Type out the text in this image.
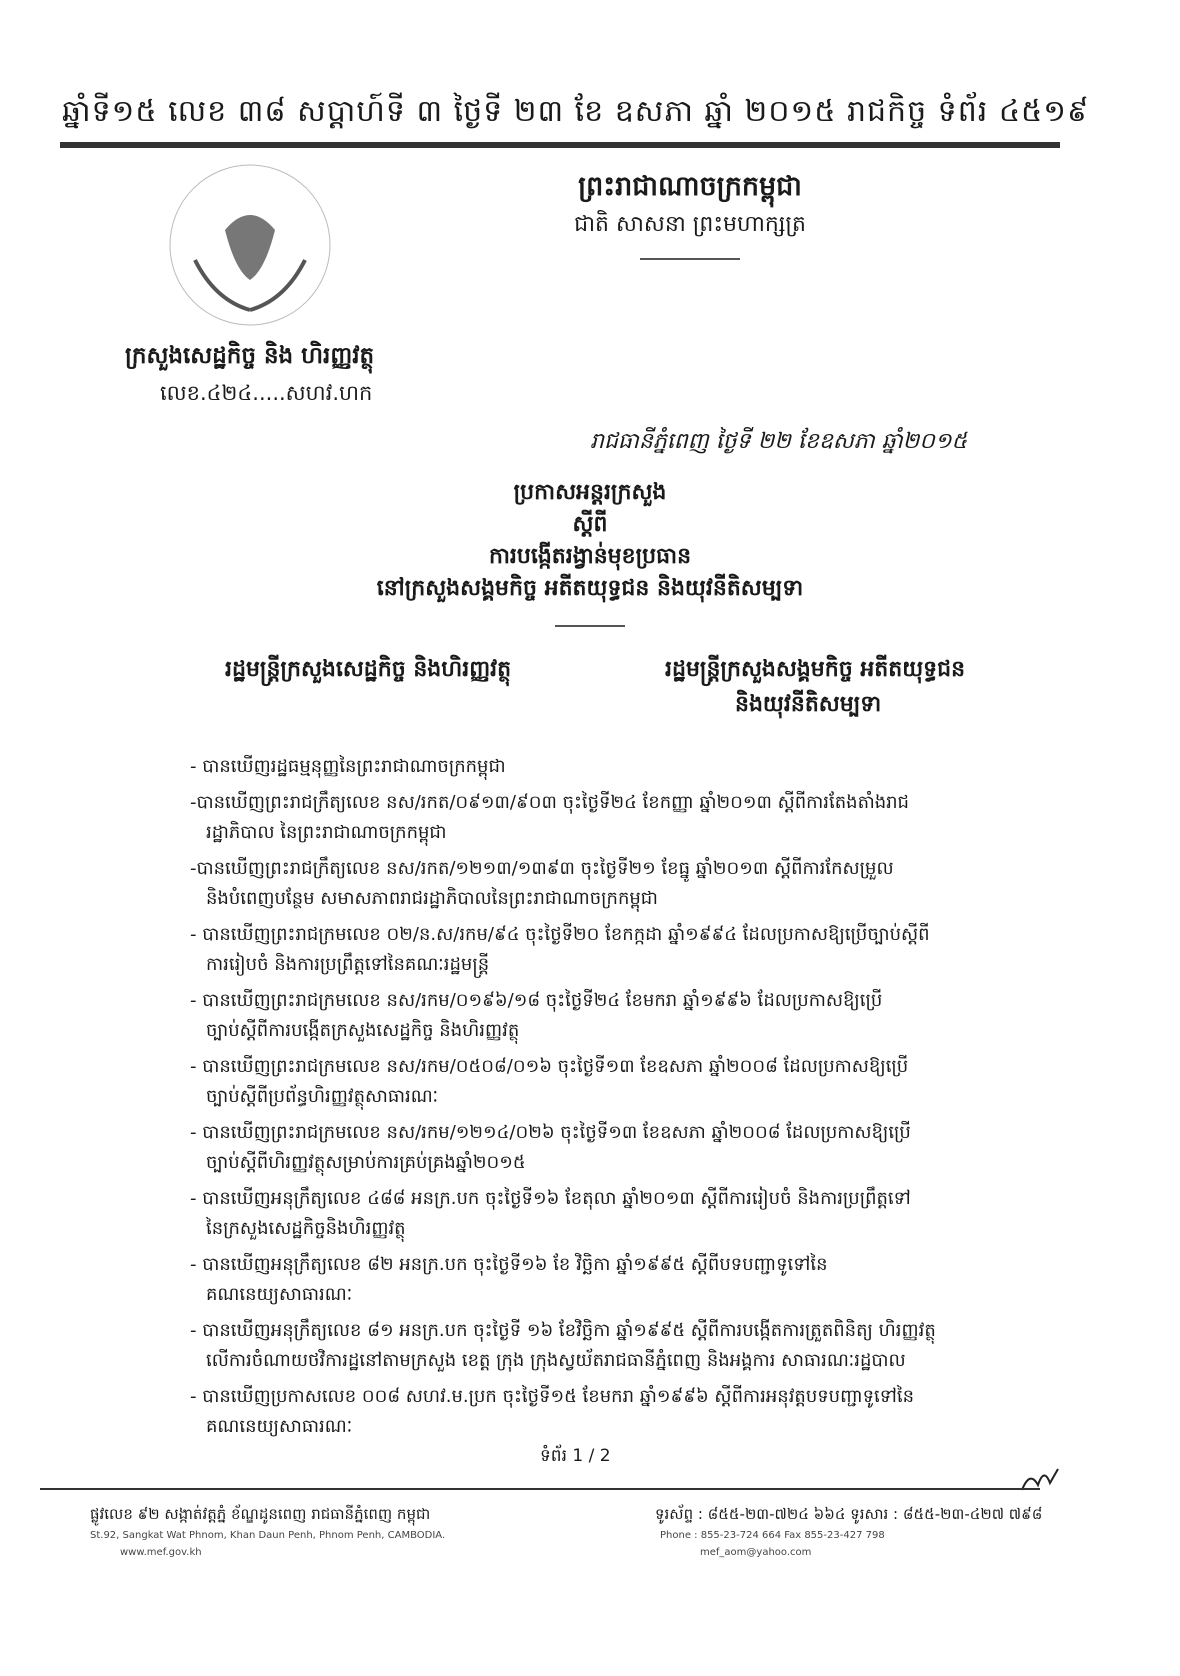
ឆ្នាំទី១៥ លេខ ៣៨ សប្តាហ៍ទី ៣ ថ្ងៃទី ២៣ ខែ ឧសភា ឆ្នាំ ២០១៥ រាជកិច្ច ទំព័រ ៤៥១៩
ព្រះរាជាណាចក្រកម្ពុជា
ជាតិ សាសនា ព្រះមហាក្សត្រ
ក្រសួងសេដ្ឋកិច្ច និង ហិរញ្ញវត្ថុ
លេខ.៤២៤.....សហវ.ហក
រាជធានីភ្នំពេញ ថ្ងៃទី ២២ ខែឧសភា ឆ្នាំ២០១៥
ប្រកាសអន្តរក្រសួង
ស្តីពី
ការបង្កើតរង្វាន់មុខប្រធាន
នៅក្រសួងសង្គមកិច្ច អតីតយុទ្ធជន និងយុវនីតិសម្បទា
រដ្ឋមន្ត្រីក្រសួងសេដ្ឋកិច្ច និងហិរញ្ញវត្ថុ	រដ្ឋមន្ត្រីក្រសួងសង្គមកិច្ច អតីតយុទ្ធជន
និងយុវនីតិសម្បទា
- បានឃើញរដ្ឋធម្មនុញ្ញនៃព្រះរាជាណាចក្រកម្ពុជា
-បានឃើញព្រះរាជក្រឹត្យលេខ នស/រកត/០៩១៣/៩០៣ ចុះថ្ងៃទី២៤ ខែកញ្ញា ឆ្នាំ២០១៣ ស្តីពីការតែងតាំងរាជ
រដ្ឋាភិបាល នៃព្រះរាជាណាចក្រកម្ពុជា
-បានឃើញព្រះរាជក្រឹត្យលេខ នស/រកត/១២១៣/១៣៩៣ ចុះថ្ងៃទី២១ ខែធ្នូ ឆ្នាំ២០១៣ ស្តីពីការកែសម្រួល
និងបំពេញបន្ថែម សមាសភាពរាជរដ្ឋាភិបាលនៃព្រះរាជាណាចក្រកម្ពុជា
- បានឃើញព្រះរាជក្រមលេខ ០២/ន.ស/រកម/៩៤ ចុះថ្ងៃទី២០ ខែកក្កដា ឆ្នាំ១៩៩៤ ដែលប្រកាសឱ្យប្រើច្បាប់ស្តីពី
ការរៀបចំ និងការប្រព្រឹត្តទៅនៃគណៈរដ្ឋមន្ត្រី
- បានឃើញព្រះរាជក្រមលេខ នស/រកម/០១៩៦/១៨ ចុះថ្ងៃទី២៤ ខែមករា ឆ្នាំ១៩៩៦ ដែលប្រកាសឱ្យប្រើ
ច្បាប់ស្តីពីការបង្កើតក្រសួងសេដ្ឋកិច្ច និងហិរញ្ញវត្ថុ
- បានឃើញព្រះរាជក្រមលេខ នស/រកម/០៥០៨/០១៦ ចុះថ្ងៃទី១៣ ខែឧសភា ឆ្នាំ២០០៨ ដែលប្រកាសឱ្យប្រើ
ច្បាប់ស្តីពីប្រព័ន្ធហិរញ្ញវត្ថុសាធារណៈ
- បានឃើញព្រះរាជក្រមលេខ នស/រកម/១២១៤/០២៦ ចុះថ្ងៃទី១៣ ខែឧសភា ឆ្នាំ២០០៨ ដែលប្រកាសឱ្យប្រើ
ច្បាប់ស្តីពីហិរញ្ញវត្ថុសម្រាប់ការគ្រប់គ្រងឆ្នាំ២០១៥
- បានឃើញអនុក្រឹត្យលេខ ៤៨៨ អនក្រ.បក ចុះថ្ងៃទី១៦ ខែតុលា ឆ្នាំ២០១៣ ស្តីពីការរៀបចំ និងការប្រព្រឹត្តទៅ
នៃក្រសួងសេដ្ឋកិច្ចនិងហិរញ្ញវត្ថុ
- បានឃើញអនុក្រឹត្យលេខ ៨២ អនក្រ.បក ចុះថ្ងៃទី១៦ ខែ វិច្ឆិកា ឆ្នាំ១៩៩៥ ស្តីពីបទបញ្ជាទូទៅនៃ
គណនេយ្យសាធារណៈ
- បានឃើញអនុក្រឹត្យលេខ ៨១ អនក្រ.បក ចុះថ្ងៃទី ១៦ ខែវិច្ឆិកា ឆ្នាំ១៩៩៥ ស្តីពីការបង្កើតការត្រួតពិនិត្យ ហិរញ្ញវត្ថុ
លើការចំណាយថវិការដ្ឋនៅតាមក្រសួង ខេត្ត ក្រុង ក្រុងស្វយ័តរាជធានីភ្នំពេញ និងអង្គការ សាធារណៈរដ្ឋបាល
- បានឃើញប្រកាសលេខ ០០៨ សហវ.ម.ប្រក ចុះថ្ងៃទី១៥ ខែមករា ឆ្នាំ១៩៩៦ ស្តីពីការអនុវត្តបទបញ្ជាទូទៅនៃ
គណនេយ្យសាធារណៈ
ទំព័រ 1 / 2
ផ្លូវលេខ ៩២ សង្កាត់វត្តភ្នំ ខ័ណ្ឌដូនពេញ រាជធានីភ្នំពេញ កម្ពុជា
St.92, Sangkat Wat Phnom, Khan Daun Penh, Phnom Penh, CAMBODIA.
www.mef.gov.kh
ទូរស័ព្ទ : ៨៥៥-២៣-៧២៤ ៦៦៤ ទូរសារ : ៨៥៥-២៣-៤២៧ ៧៩៨
Phone : 855-23-724 664 Fax 855-23-427 798
mef_aom@yahoo.com
